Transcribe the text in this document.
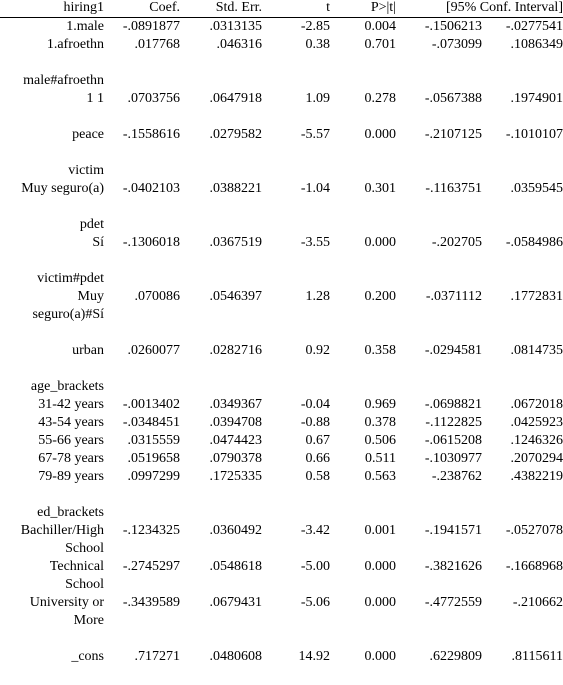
hiring1	Coef.	Std. Err.	t	P>|t|	[95% Conf. Interval]	
1.male	-.0891877	.0313135	-2.85	0.004	-.1506213	-.0277541
1.afroethn	.017768	.046316	0.38	0.701	-.073099	.1086349

male#afroethn						
1 1	.0703756	.0647918	1.09	0.278	-.0567388	.1974901

peace	-.1558616	.0279582	-5.57	0.000	-.2107125	-.1010107

victim						
Muy seguro(a)	-.0402103	.0388221	-1.04	0.301	-.1163751	.0359545

pdet						
Sí	-.1306018	.0367519	-3.55	0.000	-.202705	-.0584986

victim#pdet						

Muy
seguro(a)#Sí	.070086	.0546397	1.28	0.200	-.0371112	.1772831

urban	.0260077	.0282716	0.92	0.358	-.0294581	.0814735

age_brackets						
31-42 years	-.0013402	.0349367	-0.04	0.969	-.0698821	.0672018
43-54 years	-.0348451	.0394708	-0.88	0.378	-.1122825	.0425923
55-66 years	.0315559	.0474423	0.67	0.506	-.0615208	.1246326
67-78 years	.0519658	.0790378	0.66	0.511	-.1030977	.2070294
79-89 years	.0997299	.1725335	0.58	0.563	-.238762	.4382219

ed_brackets						

Bachiller/High
School	-.1234325	.0360492	-3.42	0.001	-.1941571	-.0527078

Technical
School	-.2745297	.0548618	-5.00	0.000	-.3821626	-.1668968

University or
More	-.3439589	.0679431	-5.06	0.000	-.4772559	-.210662

_cons	.717271	.0480608	14.92	0.000	.6229809	.8115611
